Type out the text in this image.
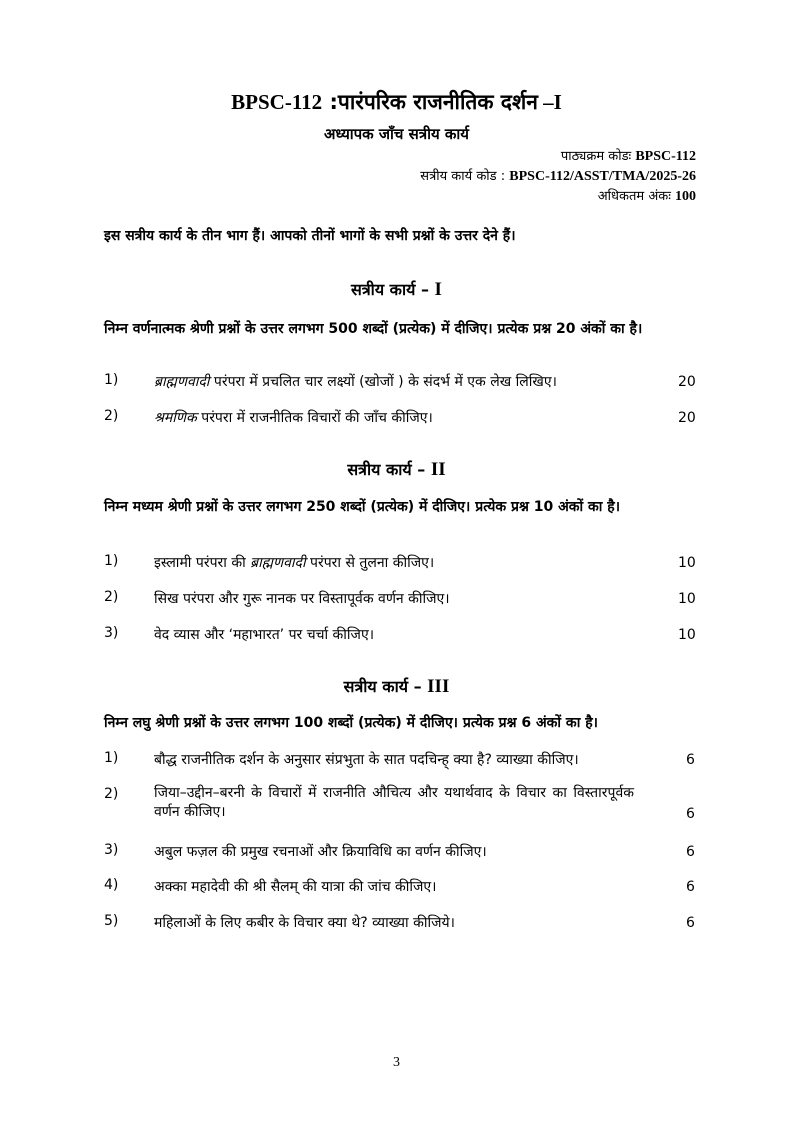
BPSC-112 :पारंपरिक राजनीतिक दर्शन –I
अध्यापक जाँच सत्रीय कार्य
पाठ्यक्रम कोडः BPSC-112
सत्रीय कार्य कोड : BPSC-112/ASST/TMA/2025-26
अधिकतम अंकः 100
इस सत्रीय कार्य के तीन भाग हैं। आपको तीनों भागों के सभी प्रश्नों के उत्तर देने हैं।
सत्रीय कार्य – I
निम्न वर्णनात्मक श्रेणी प्रश्नों के उत्तर लगभग 500 शब्दों (प्रत्येक) में दीजिए। प्रत्येक प्रश्न 20 अंकों का है।
1)	ब्राह्मणवादी परंपरा में प्रचलित चार लक्ष्यों (खोजों ) के संदर्भ में एक लेख लिखिए।	20
2)	श्रमणिक परंपरा में राजनीतिक विचारों की जाँच कीजिए।	20
सत्रीय कार्य – II
निम्न मध्यम श्रेणी प्रश्नों के उत्तर लगभग 250 शब्दों (प्रत्येक) में दीजिए। प्रत्येक प्रश्न 10 अंकों का है।
1)	इस्लामी परंपरा की ब्राह्मणवादी परंपरा से तुलना कीजिए।	10
2)	सिख परंपरा और गुरू नानक पर विस्तापूर्वक वर्णन कीजिए।	10
3)	वेद व्यास और ‘महाभारत’ पर चर्चा कीजिए।	10
सत्रीय कार्य – III
निम्न लघु श्रेणी प्रश्नों के उत्तर लगभग 100 शब्दों (प्रत्येक) में दीजिए। प्रत्येक प्रश्न 6 अंकों का है।
1)	बौद्ध राजनीतिक दर्शन के अनुसार संप्रभुता के सात पदचिन्ह् क्या है? व्याख्या कीजिए।	6
2)	जिया–उद्दीन–बरनी के विचारों में राजनीति औचित्य और यथार्थवाद के विचार का विस्तारपूर्वक वर्णन कीजिए।	6
3)	अबुल फज़ल की प्रमुख रचनाओं और क्रियाविधि का वर्णन कीजिए।	6
4)	अक्का महादेवी की श्री सैलम् की यात्रा की जांच कीजिए।	6
5)	महिलाओं के लिए कबीर के विचार क्या थे? व्याख्या कीजिये।	6
3
